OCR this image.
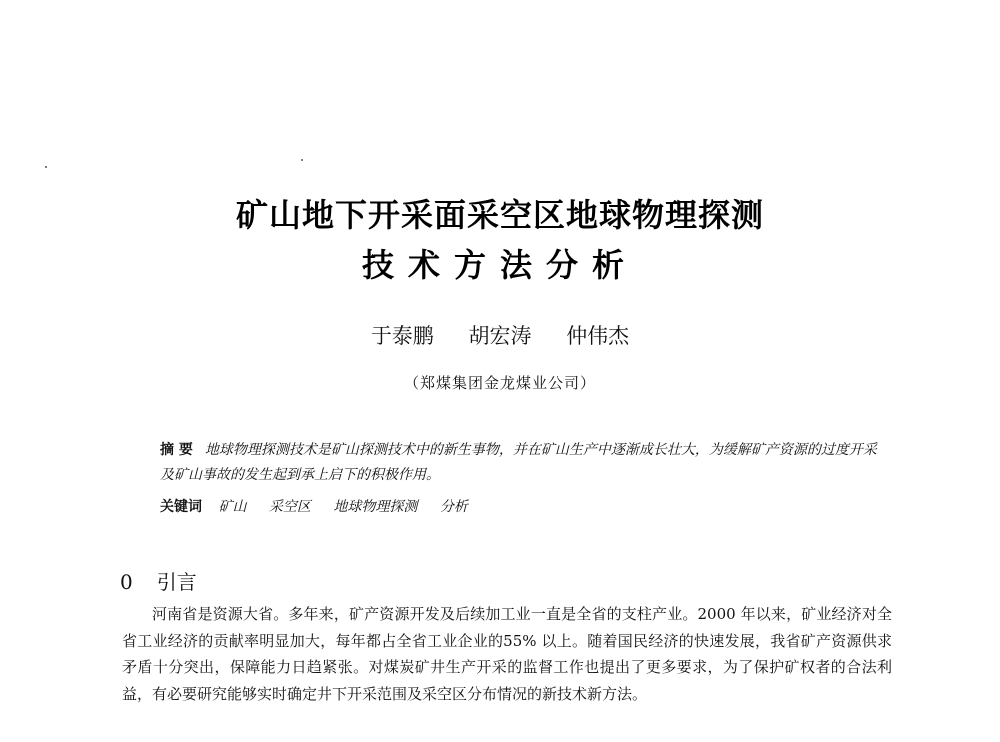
矿山地下开采面采空区地球物理探测
技术方法分析
于泰鹏 胡宏涛 仲伟杰
（郑煤集团金龙煤业公司）
摘 要 地球物理探测技术是矿山探测技术中的新生事物，并在矿山生产中逐渐成长壮大，为缓解矿产资源的过度开采及矿山事故的发生起到承上启下的积极作用。
关键词 矿山 采空区 地球物理探测 分析
0 引言

河南省是资源大省。多年来，矿产资源开发及后续加工业一直是全省的支柱产业。2000 年以来，矿业经济对全省工业经济的贡献率明显加大，每年都占全省工业企业的55% 以上。随着国民经济的快速发展，我省矿产资源供求矛盾十分突出，保障能力日趋紧张。对煤炭矿井生产开采的监督工作也提出了更多要求，为了保护矿权者的合法利益，有必要研究能够实时确定井下开采范围及采空区分布情况的新技术新方法。
